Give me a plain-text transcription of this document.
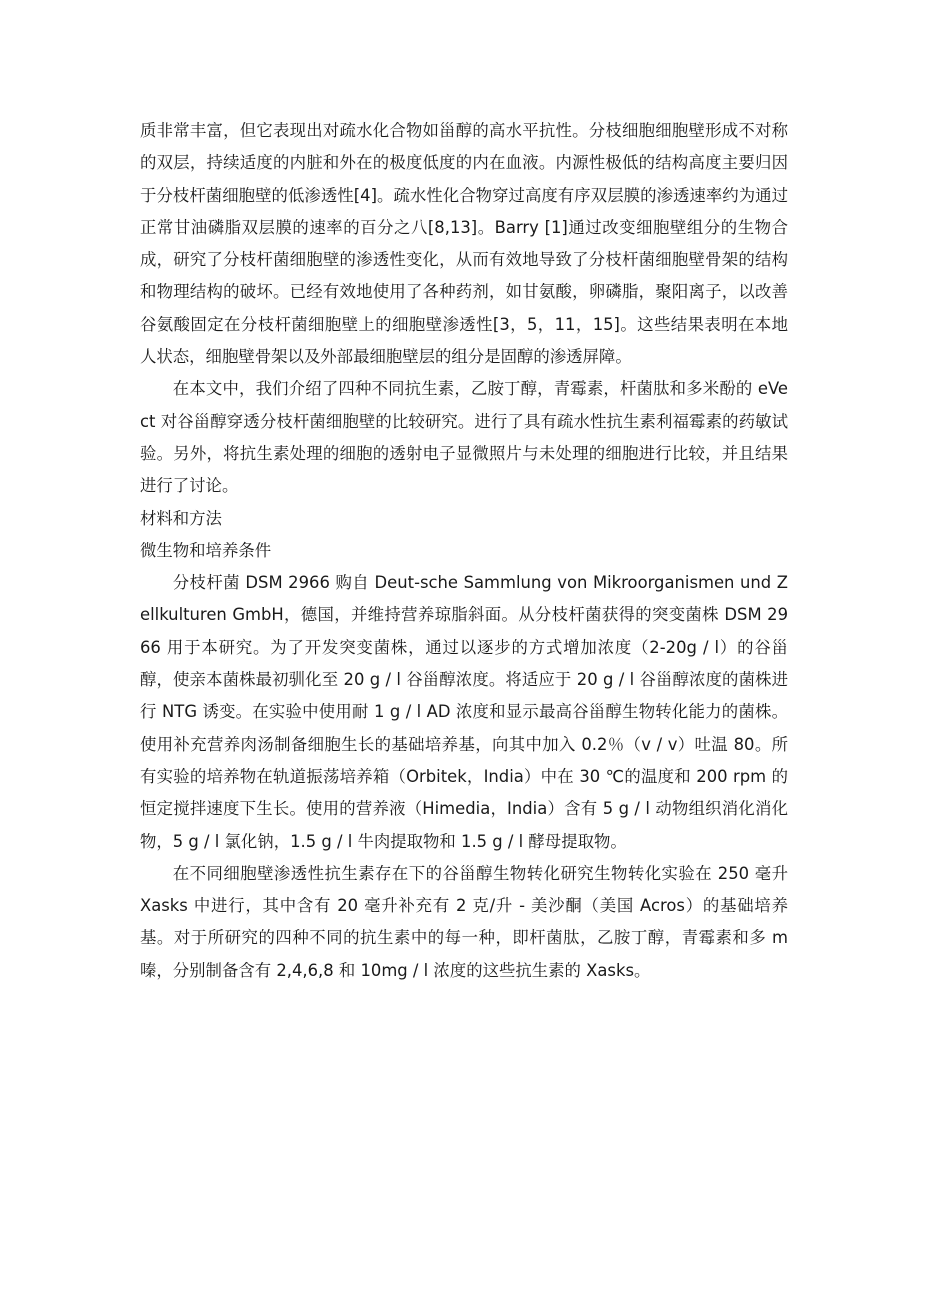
质非常丰富，但它表现出对疏水化合物如甾醇的高水平抗性。分枝细胞细胞壁形成不对称的双层，持续适度的内脏和外在的极度低度的内在血液。内源性极低的结构高度主要归因于分枝杆菌细胞壁的低渗透性[4]。疏水性化合物穿过高度有序双层膜的渗透速率约为通过正常甘油磷脂双层膜的速率的百分之八[8,13]。Barry [1]通过改变细胞壁组分的生物合成，研究了分枝杆菌细胞壁的渗透性变化，从而有效地导致了分枝杆菌细胞壁骨架的结构和物理结构的破坏。已经有效地使用了各种药剂，如甘氨酸，卵磷脂，聚阳离子，以改善谷氨酸固定在分枝杆菌细胞壁上的细胞壁渗透性[3，5，11，15]。这些结果表明在本地人状态，细胞壁骨架以及外部最细胞壁层的组分是固醇的渗透屏障。

在本文中，我们介绍了四种不同抗生素，乙胺丁醇，青霉素，杆菌肽和多米酚的 eVect 对谷甾醇穿透分枝杆菌细胞壁的比较研究。进行了具有疏水性抗生素利福霉素的药敏试验。另外，将抗生素处理的细胞的透射电子显微照片与未处理的细胞进行比较，并且结果进行了讨论。

材料和方法

微生物和培养条件

分枝杆菌 DSM 2966 购自 Deut-sche Sammlung von Mikroorganismen und Zellkulturen GmbH，德国，并维持营养琼脂斜面。从分枝杆菌获得的突变菌株 DSM 2966 用于本研究。为了开发突变菌株，通过以逐步的方式增加浓度（2-20g / l）的谷甾醇，使亲本菌株最初驯化至 20 g / l 谷甾醇浓度。将适应于 20 g / l 谷甾醇浓度的菌株进行 NTG 诱变。在实验中使用耐 1 g / l AD 浓度和显示最高谷甾醇生物转化能力的菌株。使用补充营养肉汤制备细胞生长的基础培养基，向其中加入 0.2％（v / v）吐温 80。所有实验的培养物在轨道振荡培养箱（Orbitek，India）中在 30 ℃的温度和 200 rpm 的恒定搅拌速度下生长。使用的营养液（Himedia，India）含有 5 g / l 动物组织消化消化物，5 g / l 氯化钠，1.5 g / l 牛肉提取物和 1.5 g / l 酵母提取物。

在不同细胞壁渗透性抗生素存在下的谷甾醇生物转化研究生物转化实验在 250 毫升 Xasks 中进行，其中含有 20 毫升补充有 2 克/升 - 美沙酮（美国 Acros）的基础培养基。对于所研究的四种不同的抗生素中的每一种，即杆菌肽，乙胺丁醇，青霉素和多 m 嗪，分别制备含有 2,4,6,8 和 10mg / l 浓度的这些抗生素的 Xasks。
